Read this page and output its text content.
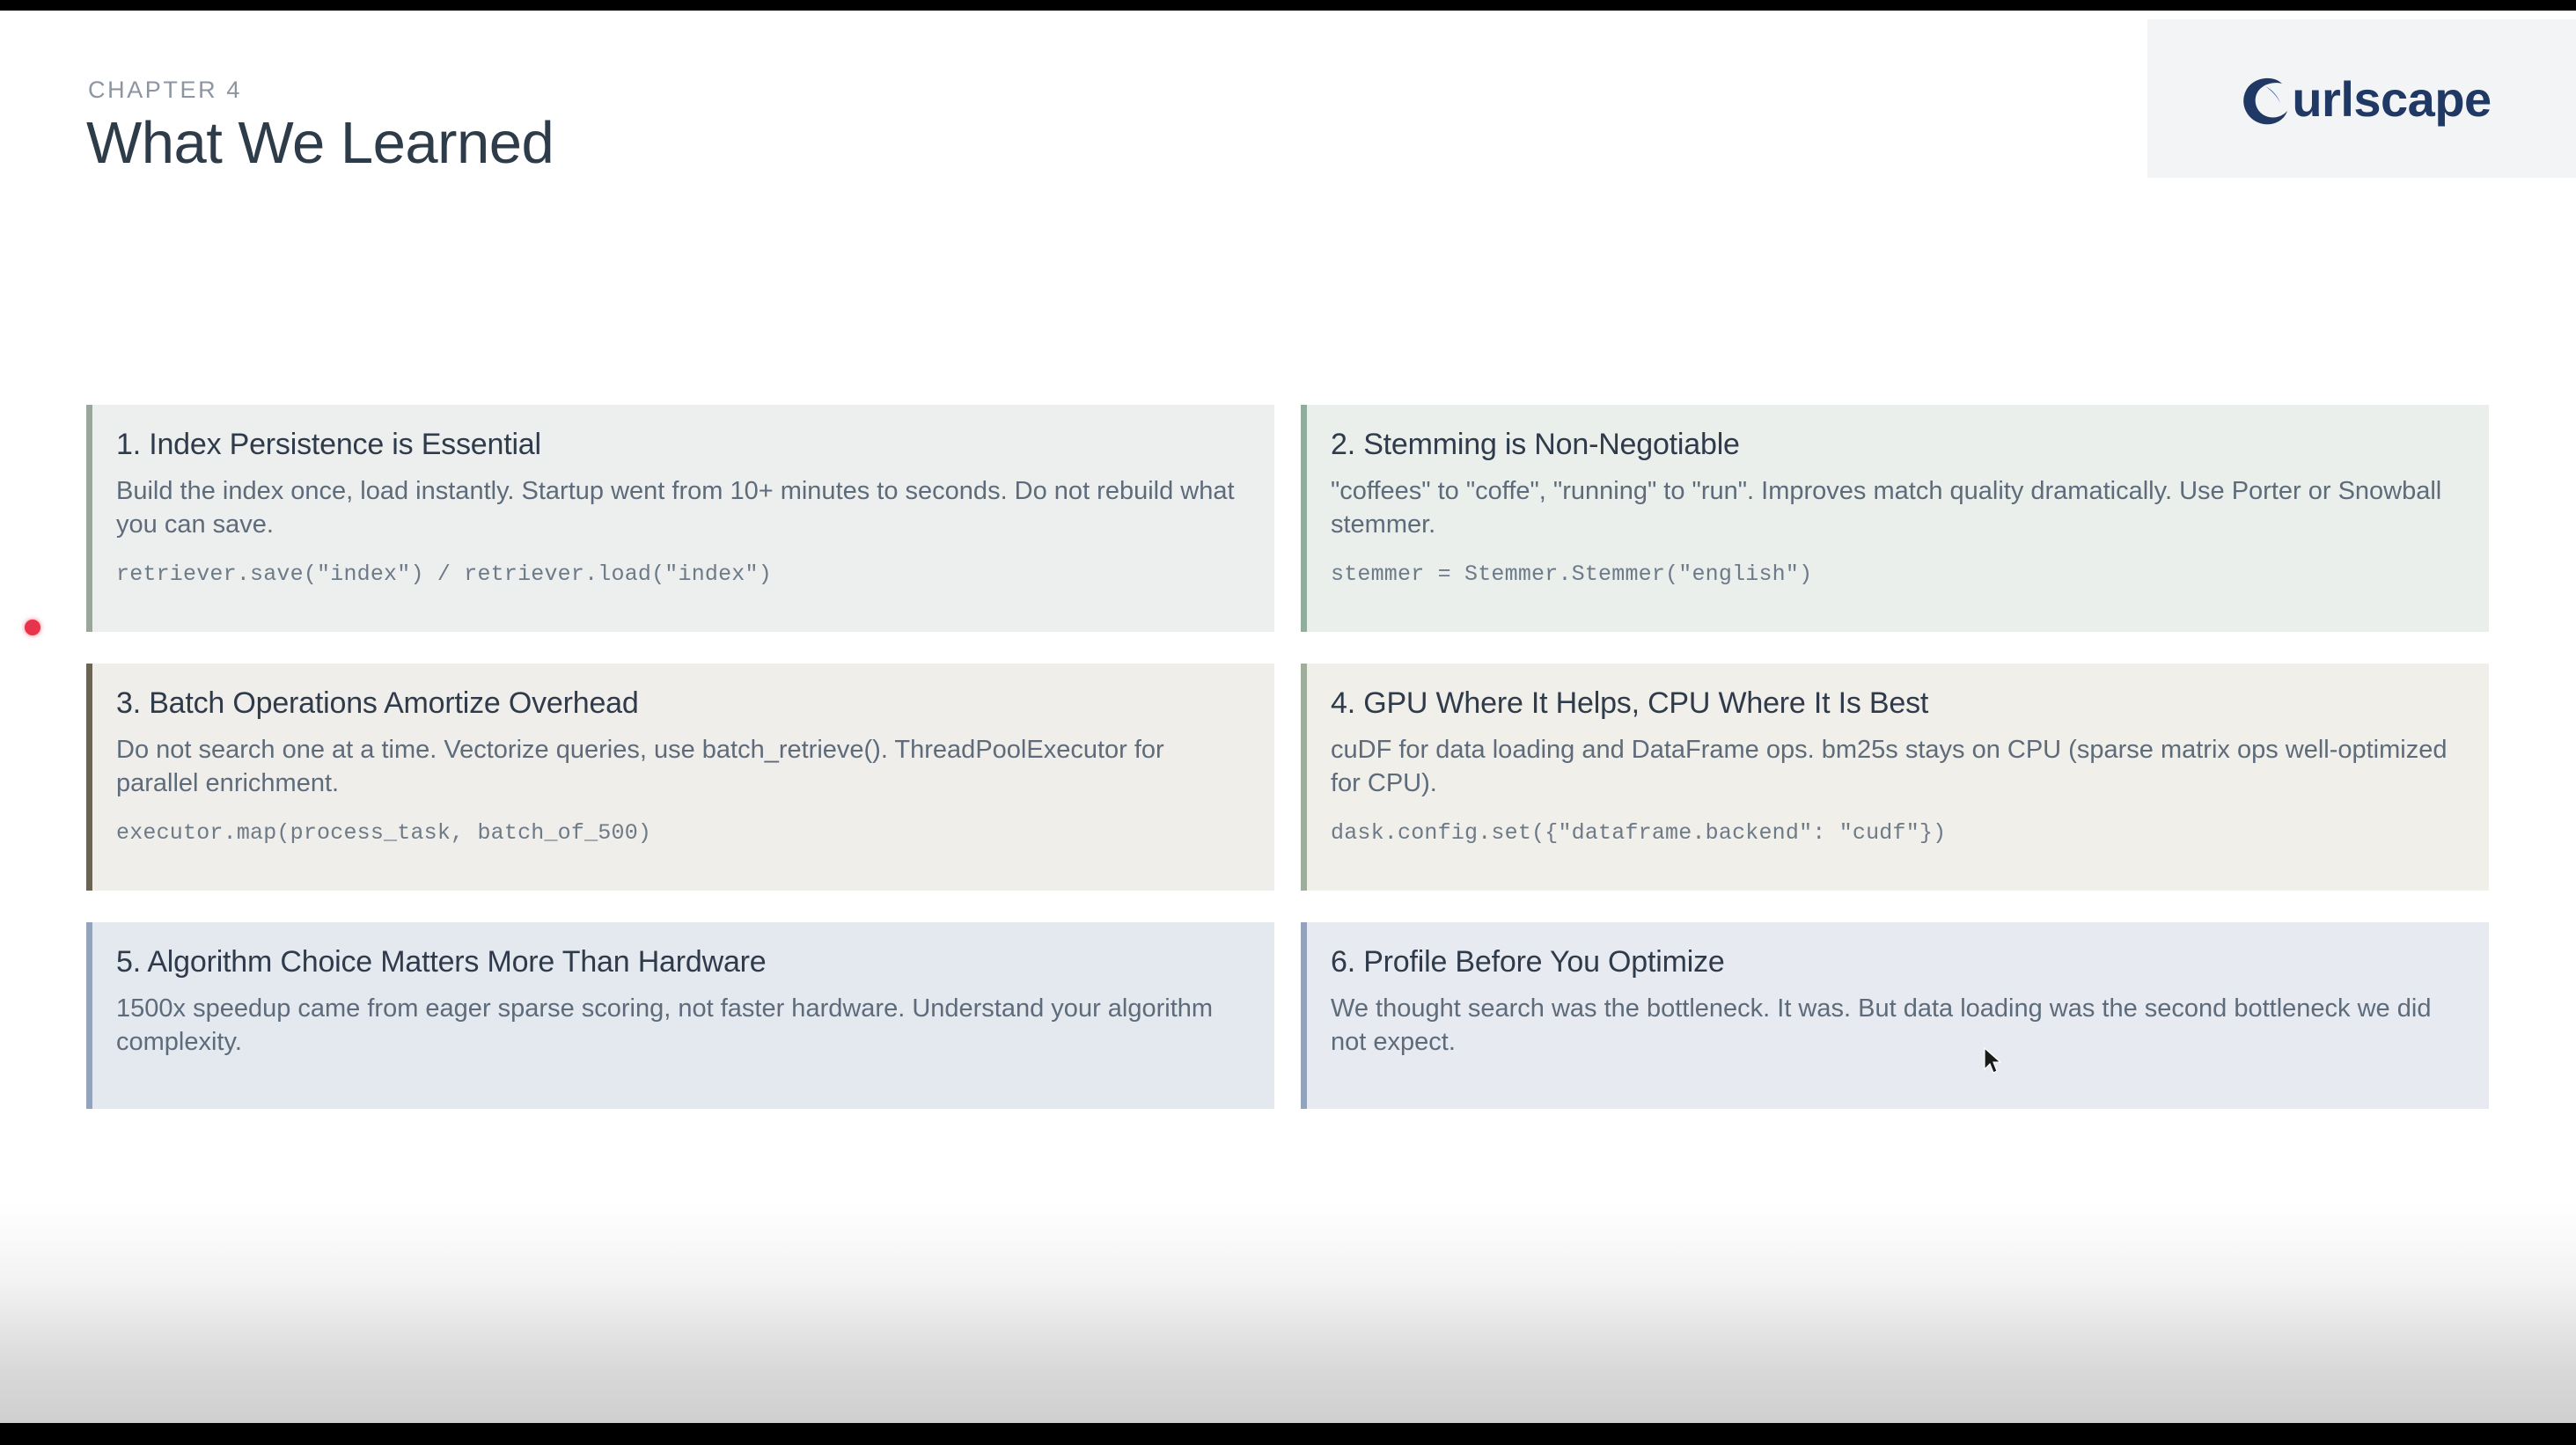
CHAPTER 4
What We Learned
urlscape
1. Index Persistence is Essential

Build the index once, load instantly. Startup went from 10+ minutes to seconds. Do not rebuild what you can save.

retriever.save("index") / retriever.load("index")
2. Stemming is Non-Negotiable

"coffees" to "coffe", "running" to "run". Improves match quality dramatically. Use Porter or Snowball stemmer.

stemmer = Stemmer.Stemmer("english")
3. Batch Operations Amortize Overhead

Do not search one at a time. Vectorize queries, use batch_retrieve(). ThreadPoolExecutor for parallel enrichment.

executor.map(process_task, batch_of_500)
4. GPU Where It Helps, CPU Where It Is Best

cuDF for data loading and DataFrame ops. bm25s stays on CPU (sparse matrix ops well-optimized for CPU).

dask.config.set({"dataframe.backend": "cudf"})
5. Algorithm Choice Matters More Than Hardware

1500x speedup came from eager sparse scoring, not faster hardware. Understand your algorithm complexity.

6. Profile Before You Optimize

We thought search was the bottleneck. It was. But data loading was the second bottleneck we did not expect.
